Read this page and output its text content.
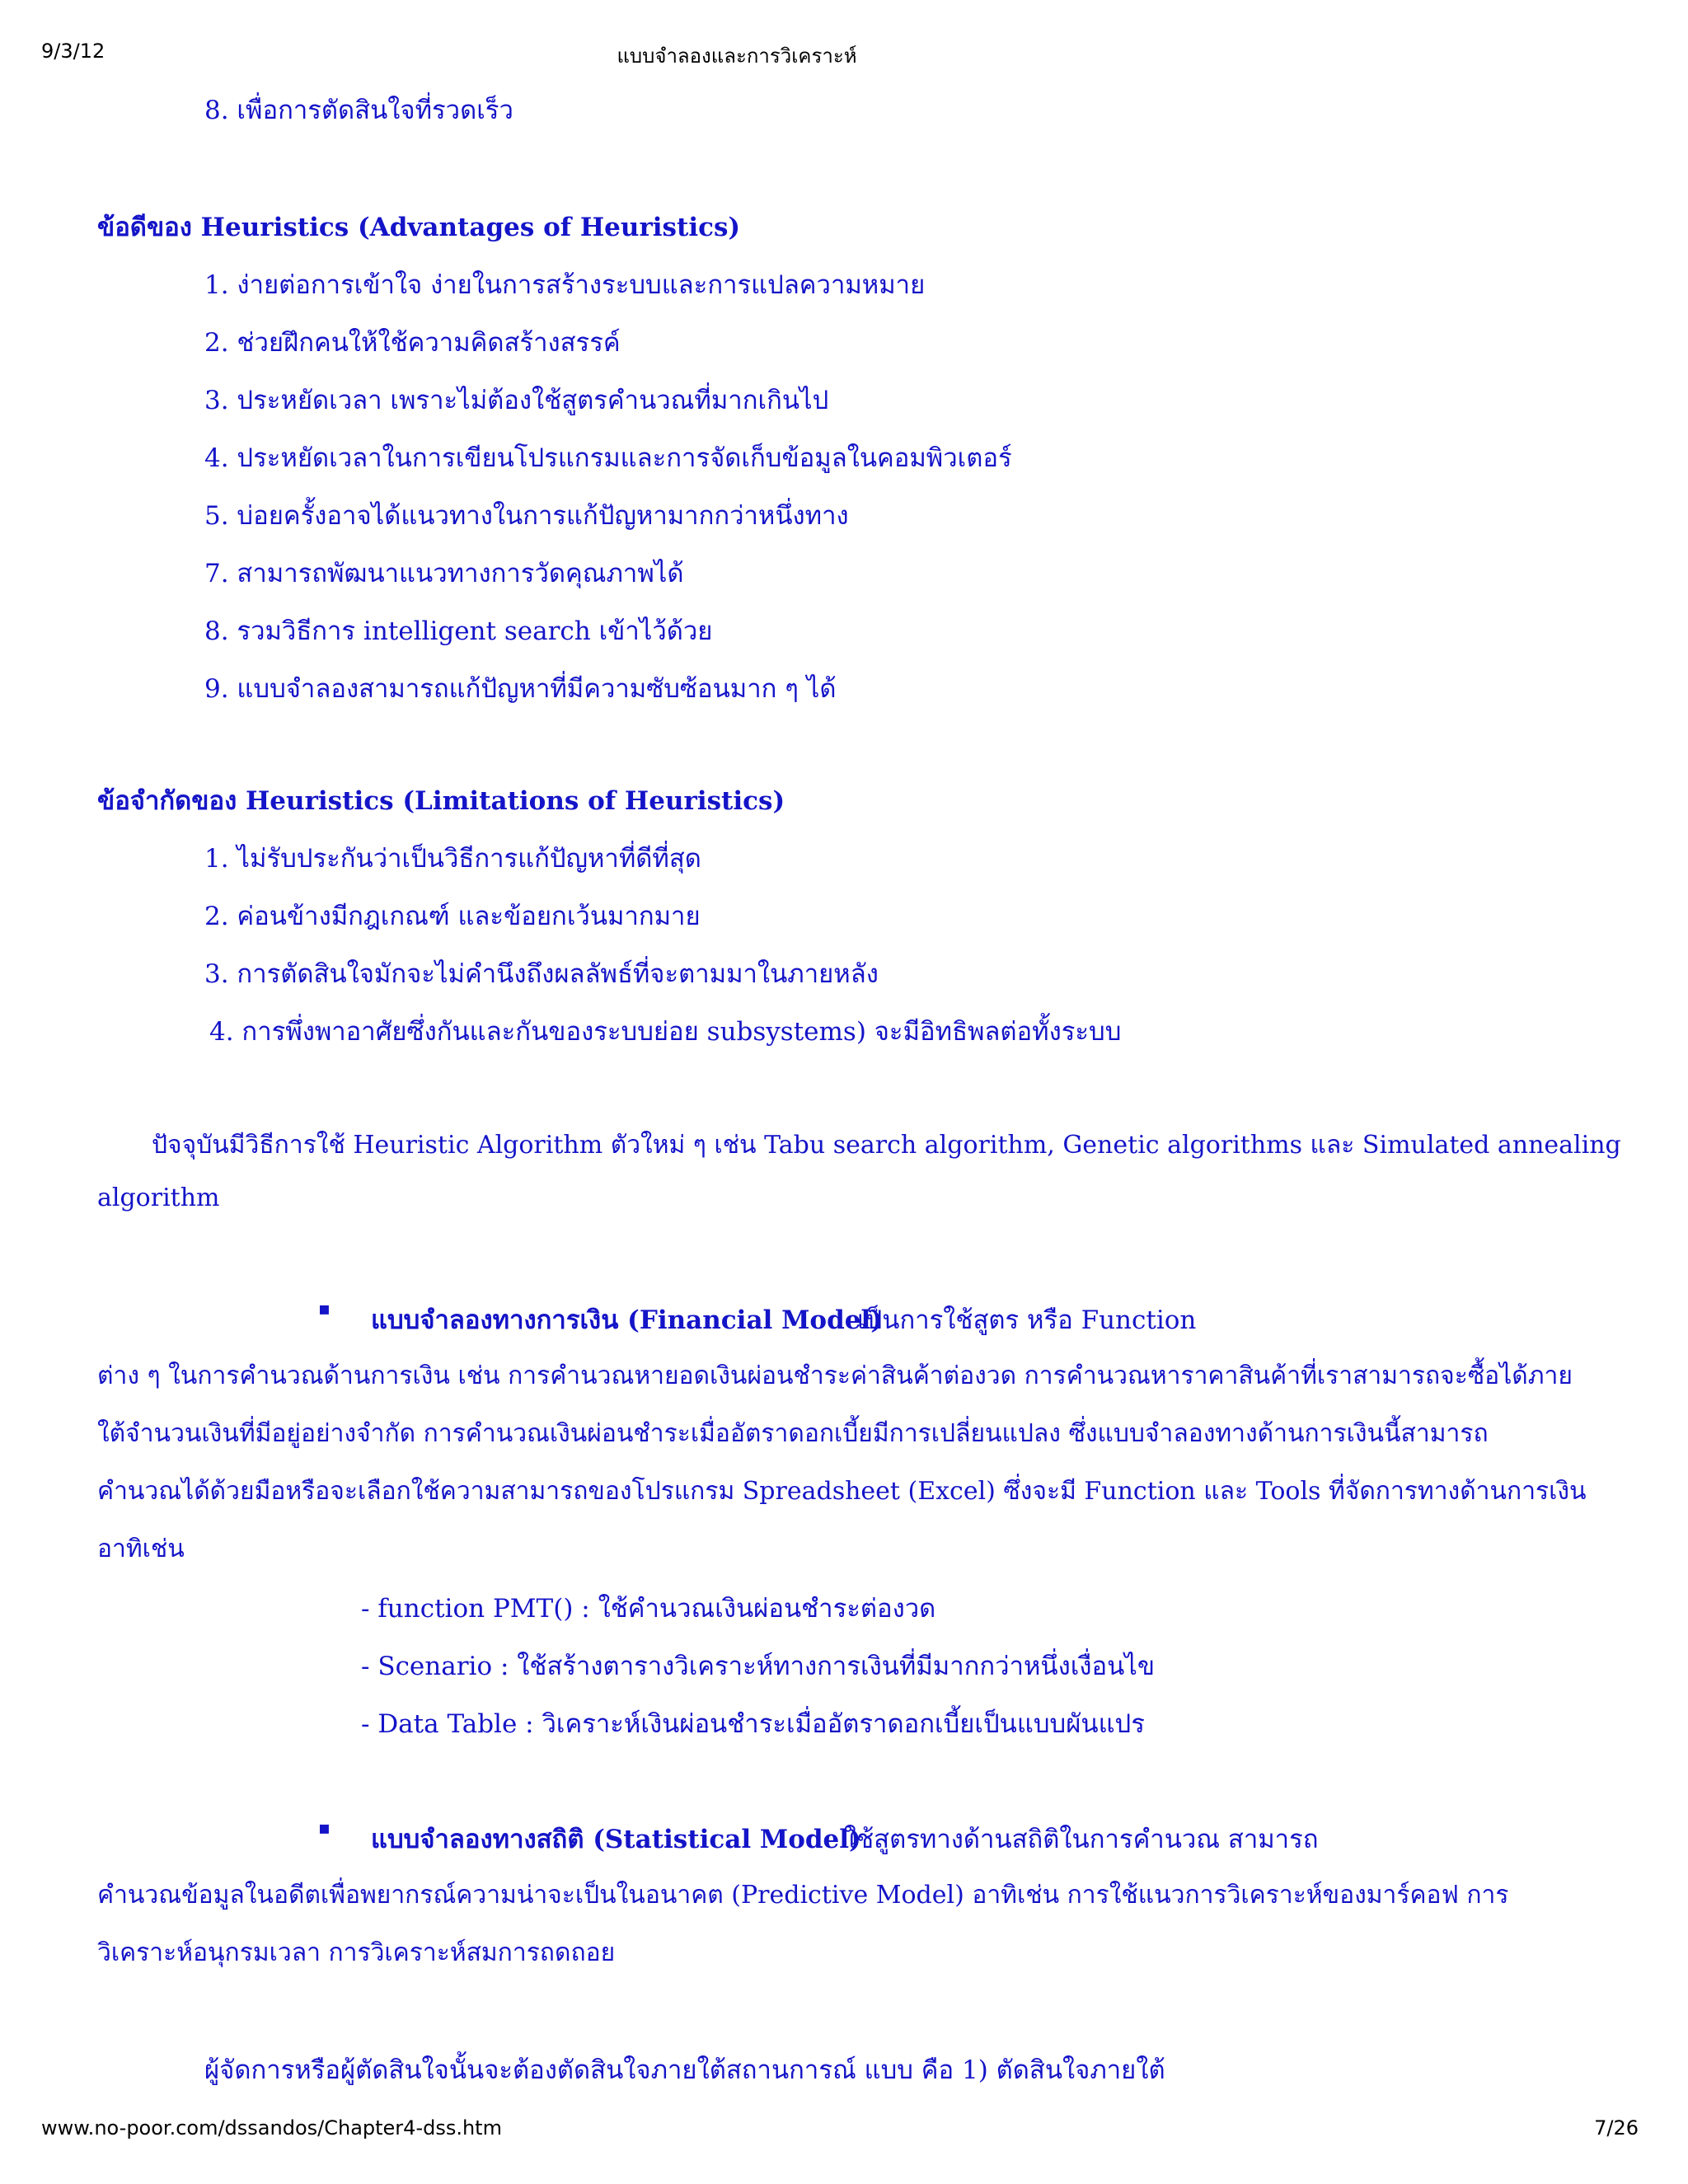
9/3/12	แบบจำลองและการวิเคราะห์
8. เพื่อการตัดสินใจที่รวดเร็ว
ข้อดีของ Heuristics (Advantages of Heuristics)
1. ง่ายต่อการเข้าใจ ง่ายในการสร้างระบบและการแปลความหมาย
2. ช่วยฝึกคนให้ใช้ความคิดสร้างสรรค์
3. ประหยัดเวลา เพราะไม่ต้องใช้สูตรคำนวณที่มากเกินไป
4. ประหยัดเวลาในการเขียนโปรแกรมและการจัดเก็บข้อมูลในคอมพิวเตอร์
5. บ่อยครั้งอาจได้แนวทางในการแก้ปัญหามากกว่าหนึ่งทาง
7. สามารถพัฒนาแนวทางการวัดคุณภาพได้
8. รวมวิธีการ intelligent search เข้าไว้ด้วย
9. แบบจำลองสามารถแก้ปัญหาที่มีความซับซ้อนมาก ๆ ได้
ข้อจำกัดของ Heuristics (Limitations of Heuristics)
1. ไม่รับประกันว่าเป็นวิธีการแก้ปัญหาที่ดีที่สุด
2. ค่อนข้างมีกฎเกณฑ์ และข้อยกเว้นมากมาย
3. การตัดสินใจมักจะไม่คำนึงถึงผลลัพธ์ที่จะตามมาในภายหลัง
4. การพึ่งพาอาศัยซึ่งกันและกันของระบบย่อย subsystems) จะมีอิทธิพลต่อทั้งระบบ
ปัจจุบันมีวิธีการใช้ Heuristic Algorithm ตัวใหม่ ๆ เช่น Tabu search algorithm, Genetic algorithms และ Simulated annealing
algorithm
▪ แบบจำลองทางการเงิน (Financial Model)
เป็นการใช้สูตร หรือ Function
ต่าง ๆ ในการคำนวณด้านการเงิน เช่น การคำนวณหายอดเงินผ่อนชำระค่าสินค้าต่องวด การคำนวณหาราคาสินค้าที่เราสามารถจะซื้อได้ภาย
ใต้จำนวนเงินที่มีอยู่อย่างจำกัด การคำนวณเงินผ่อนชำระเมื่ออัตราดอกเบี้ยมีการเปลี่ยนแปลง ซึ่งแบบจำลองทางด้านการเงินนี้สามารถ
คำนวณได้ด้วยมือหรือจะเลือกใช้ความสามารถของโปรแกรม Spreadsheet (Excel) ซึ่งจะมี Function และ Tools ที่จัดการทางด้านการเงิน
อาทิเช่น
- function PMT() : ใช้คำนวณเงินผ่อนชำระต่องวด
- Scenario : ใช้สร้างตารางวิเคราะห์ทางการเงินที่มีมากกว่าหนึ่งเงื่อนไข
- Data Table : วิเคราะห์เงินผ่อนชำระเมื่ออัตราดอกเบี้ยเป็นแบบผันแปร
▪ แบบจำลองทางสถิติ (Statistical Model)
ใช้สูตรทางด้านสถิติในการคำนวณ สามารถ
คำนวณข้อมูลในอดีตเพื่อพยากรณ์ความน่าจะเป็นในอนาคต (Predictive Model) อาทิเช่น การใช้แนวการวิเคราะห์ของมาร์คอฟ การ
วิเคราะห์อนุกรมเวลา การวิเคราะห์สมการถดถอย
ผู้จัดการหรือผู้ตัดสินใจนั้นจะต้องตัดสินใจภายใต้สถานการณ์ แบบ คือ 1) ตัดสินใจภายใต้
www.no-poor.com/dssandos/Chapter4-dss.htm	7/26
